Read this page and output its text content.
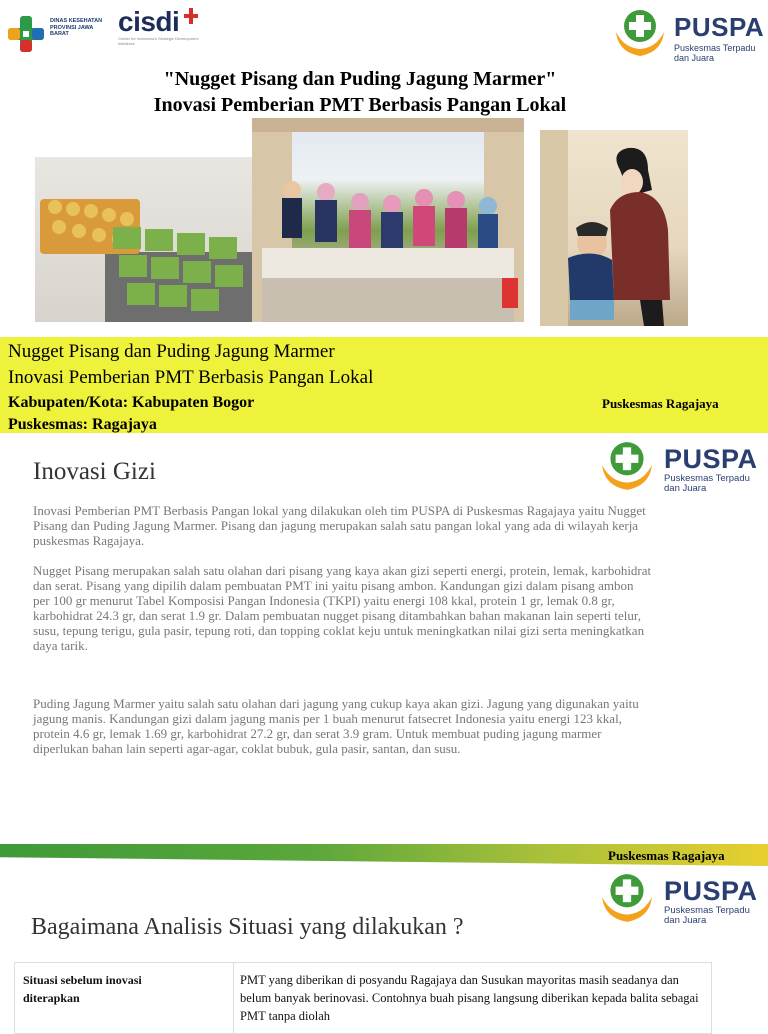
DINAS KESEHATAN PROVINSI JAWA BARAT	cisdi
Center for Indonesia's Strategic Development Initiatives
PUSPA
Puskesmas Terpadu dan Juara
"Nugget Pisang dan Puding Jagung Marmer"
Inovasi Pemberian PMT Berbasis Pangan Lokal
Nugget Pisang dan Puding Jagung Marmer
Inovasi Pemberian PMT Berbasis Pangan Lokal
Kabupaten/Kota: Kabupaten Bogor
Puskesmas: Ragajaya
Puskesmas Ragajaya
PUSPA
Puskesmas Terpadu dan Juara
Inovasi Gizi
Inovasi Pemberian PMT Berbasis Pangan lokal yang dilakukan oleh tim PUSPA di Puskesmas Ragajaya yaitu Nugget Pisang dan Puding Jagung Marmer. Pisang dan jagung merupakan salah satu pangan lokal yang ada di wilayah kerja puskesmas Ragajaya.
Nugget Pisang merupakan salah satu olahan dari pisang yang kaya akan gizi seperti energi, protein, lemak, karbohidrat dan serat. Pisang yang dipilih dalam pembuatan PMT ini yaitu pisang ambon. Kandungan gizi dalam pisang ambon per 100 gr menurut Tabel Komposisi Pangan Indonesia (TKPI) yaitu energi 108 kkal, protein 1 gr, lemak 0.8 gr, karbohidrat 24.3 gr, dan serat 1.9 gr. Dalam pembuatan nugget pisang ditambahkan bahan makanan lain seperti telur, susu, tepung terigu, gula pasir, tepung roti, dan topping coklat keju untuk meningkatkan nilai gizi serta meningkatkan daya tarik.
Puding Jagung Marmer yaitu salah satu olahan dari jagung yang cukup kaya akan gizi. Jagung yang digunakan yaitu jagung manis. Kandungan gizi dalam jagung manis per 1 buah menurut fatsecret Indonesia yaitu energi 123 kkal, protein 4.6 gr, lemak 1.69 gr, karbohidrat 27.2 gr, dan serat 3.9 gram. Untuk membuat puding jagung marmer diperlukan bahan lain seperti agar-agar, coklat bubuk, gula pasir, santan, dan susu.
Puskesmas Ragajaya
PUSPA
Puskesmas Terpadu dan Juara
Bagaimana Analisis Situasi yang dilakukan ?
Situasi sebelum inovasi diterapkan
PMT yang diberikan di posyandu Ragajaya dan Susukan mayoritas masih seadanya dan belum banyak berinovasi. Contohnya buah pisang langsung diberikan kepada balita sebagai PMT tanpa diolah
